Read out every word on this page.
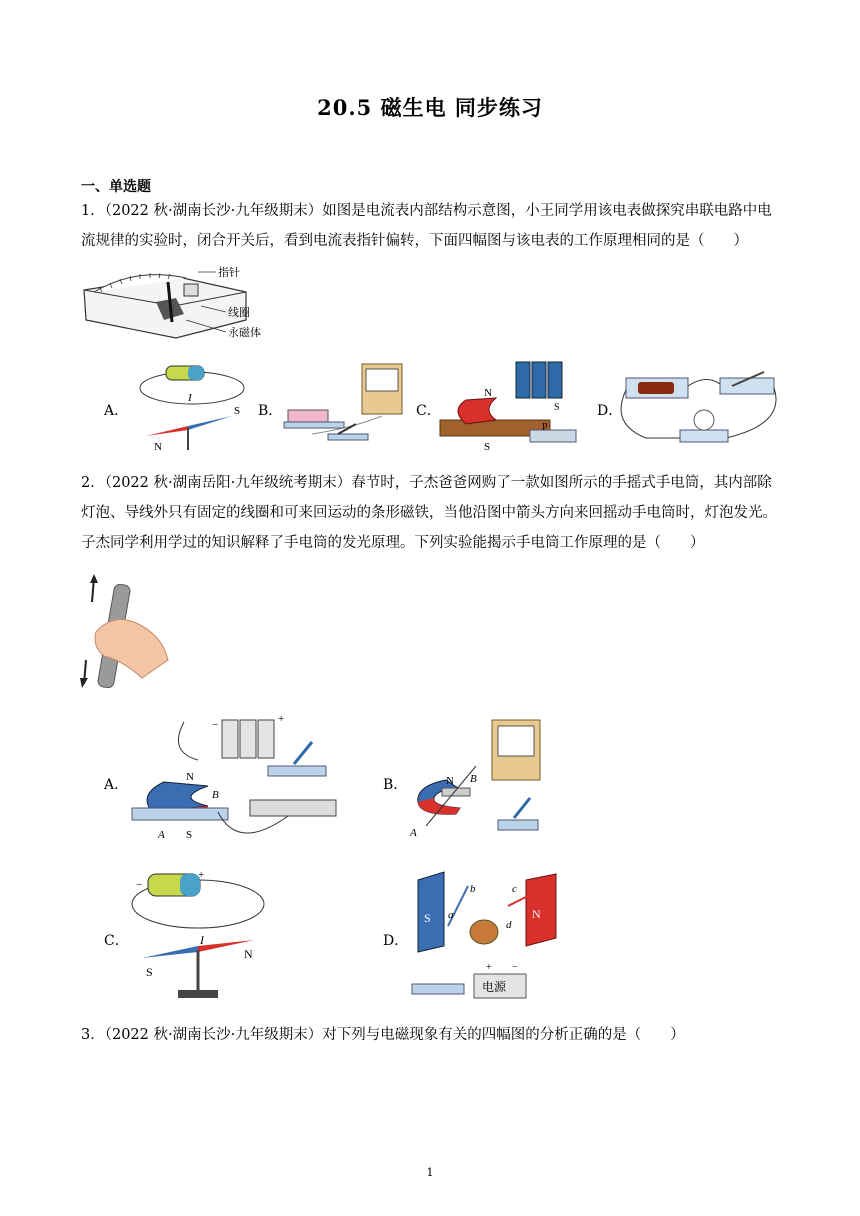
20.5 磁生电 同步练习
一、单选题
1．（2022 秋·湖南长沙·九年级期末）如图是电流表内部结构示意图，小王同学用该电表做探究串联电路中电流规律的实验时，闭合开关后，看到电流表指针偏转，下面四幅图与该电表的工作原理相同的是（　　）
指针
线圈
永磁体
A．
I
N
S B．	C．
N
S
S
P
D．
2．（2022 秋·湖南岳阳·九年级统考期末）春节时，子杰爸爸网购了一款如图所示的手摇式手电筒，其内部除灯泡、导线外只有固定的线圈和可来回运动的条形磁铁，当他沿图中箭头方向来回摇动手电筒时，灯泡发光。子杰同学利用学过的知识解释了手电筒的发光原理。下列实验能揭示手电筒工作原理的是（　　）
A．
−	+
N
B
A S
B．	N B
A
C．
−
+
I
S
N
D．
S	N
b	c
a
d
电源
+ −
3．（2022 秋·湖南长沙·九年级期末）对下列与电磁现象有关的四幅图的分析正确的是（　　）
1
